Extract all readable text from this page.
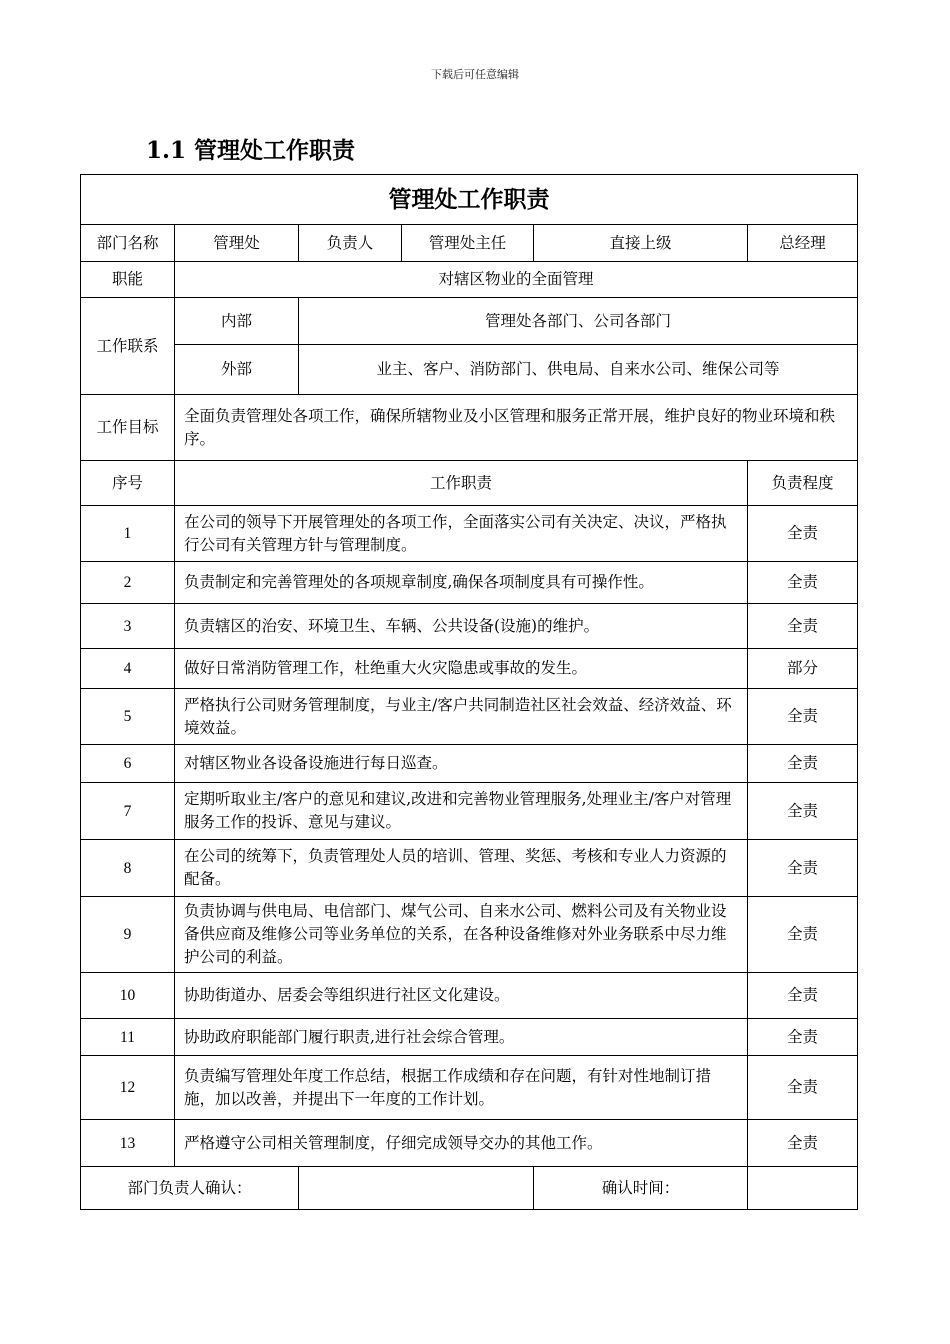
下载后可任意编辑
1.1 管理处工作职责
管理处工作职责					
部门名称	管理处	负责人	管理处主任	直接上级	总经理
职能	对辖区物业的全面管理				
工作联系	内部	管理处各部门、公司各部门			
	外部	业主、客户、消防部门、供电局、自来水公司、维保公司等			
工作目标	全面负责管理处各项工作，确保所辖物业及小区管理和服务正常开展，维护良好的物业环境和秩序。				
序号	工作职责				负责程度
1	在公司的领导下开展管理处的各项工作，全面落实公司有关决定、决议，严格执行公司有关管理方针与管理制度。				全责
2	负责制定和完善管理处的各项规章制度,确保各项制度具有可操作性。				全责
3	负责辖区的治安、环境卫生、车辆、公共设备(设施)的维护。				全责
4	做好日常消防管理工作，杜绝重大火灾隐患或事故的发生。				部分
5	严格执行公司财务管理制度，与业主/客户共同制造社区社会效益、经济效益、环境效益。				全责
6	对辖区物业各设备设施进行每日巡查。				全责
7	定期听取业主/客户的意见和建议,改进和完善物业管理服务,处理业主/客户对管理服务工作的投诉、意见与建议。				全责
8	在公司的统筹下，负责管理处人员的培训、管理、奖惩、考核和专业人力资源的配备。				全责
9	负责协调与供电局、电信部门、煤气公司、自来水公司、燃料公司及有关物业设备供应商及维修公司等业务单位的关系，在各种设备维修对外业务联系中尽力维护公司的利益。				全责
10	协助街道办、居委会等组织进行社区文化建设。				全责
11	协助政府职能部门履行职责,进行社会综合管理。				全责
12	负责编写管理处年度工作总结，根据工作成绩和存在问题，有针对性地制订措施，加以改善，并提出下一年度的工作计划。				全责
13	严格遵守公司相关管理制度，仔细完成领导交办的其他工作。				全责
部门负责人确认：				确认时间：	
